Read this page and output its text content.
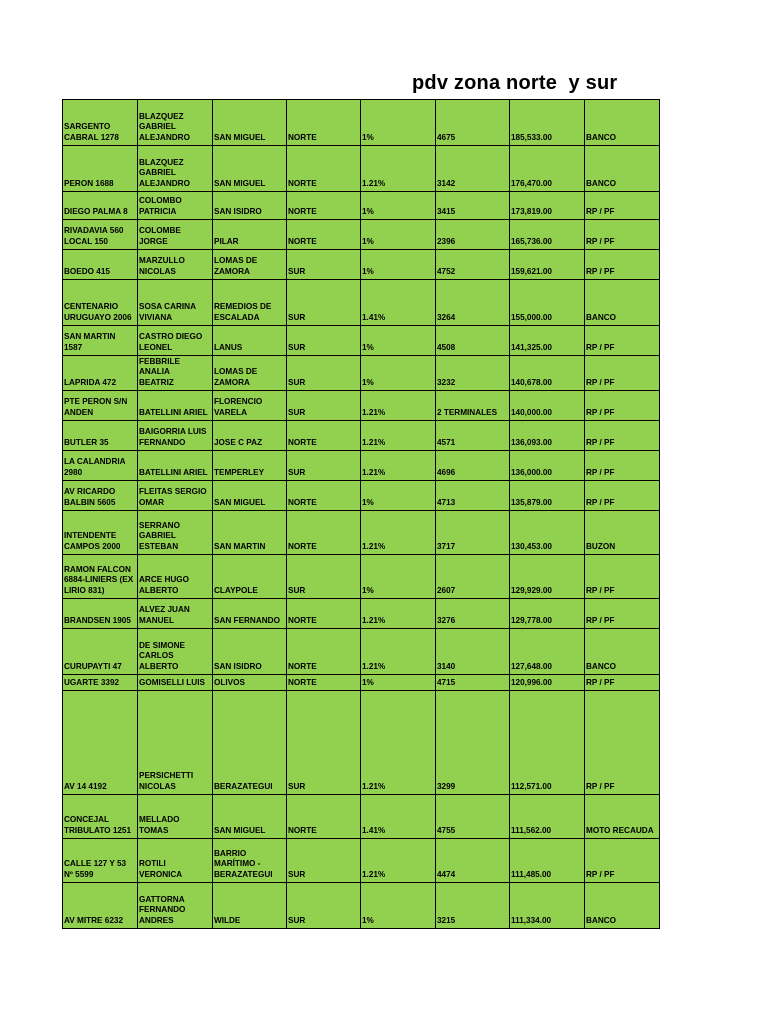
pdv zona norte  y sur
SARGENTO
CABRAL 1278	BLAZQUEZ
GABRIEL
ALEJANDRO	SAN MIGUEL	NORTE	1%	4675	185,533.00	BANCO
PERON 1688	BLAZQUEZ
GABRIEL
ALEJANDRO	SAN MIGUEL	NORTE	1.21%	3142	176,470.00	BANCO
DIEGO PALMA 8	COLOMBO
PATRICIA	SAN ISIDRO	NORTE	1%	3415	173,819.00	RP / PF
RIVADAVIA 560
LOCAL 150	COLOMBE JORGE	PILAR	NORTE	1%	2396	165,736.00	RP / PF
BOEDO 415	MARZULLO
NICOLAS	LOMAS DE
ZAMORA	SUR	1%	4752	159,621.00	RP / PF
CENTENARIO
URUGUAYO 2006	SOSA CARINA
VIVIANA	REMEDIOS DE
ESCALADA	SUR	1.41%	3264	155,000.00	BANCO
SAN MARTIN
1587	CASTRO DIEGO
LEONEL	LANUS	SUR	1%	4508	141,325.00	RP / PF
LAPRIDA 472	FEBBRILE ANALIA
BEATRIZ	LOMAS DE
ZAMORA	SUR	1%	3232	140,678.00	RP / PF
PTE PERON S/N
ANDEN	BATELLINI ARIEL	FLORENCIO
VARELA	SUR	1.21%	2 TERMINALES	140,000.00	RP / PF
BUTLER 35	BAIGORRIA LUIS
FERNANDO	JOSE C PAZ	NORTE	1.21%	4571	136,093.00	RP / PF
LA CALANDRIA
2980	BATELLINI ARIEL	TEMPERLEY	SUR	1.21%	4696	136,000.00	RP / PF
AV RICARDO
BALBIN 5605	FLEITAS SERGIO
OMAR	SAN MIGUEL	NORTE	1%	4713	135,879.00	RP / PF
INTENDENTE
CAMPOS 2000	SERRANO
GABRIEL
ESTEBAN	SAN MARTIN	NORTE	1.21%	3717	130,453.00	BUZON
RAMON FALCON
6884-LINIERS (EX
LIRIO 831)	ARCE HUGO
ALBERTO	CLAYPOLE	SUR	1%	2607	129,929.00	RP / PF
BRANDSEN 1905	ALVEZ JUAN
MANUEL	SAN FERNANDO	NORTE	1.21%	3276	129,778.00	RP / PF
CURUPAYTI 47	DE SIMONE
CARLOS ALBERTO	SAN ISIDRO	NORTE	1.21%	3140	127,648.00	BANCO
UGARTE 3392	GOMISELLI LUIS	OLIVOS	NORTE	1%	4715	120,996.00	RP / PF
AV 14 4192	PERSICHETTI
NICOLAS	BERAZATEGUI	SUR	1.21%	3299	112,571.00	RP / PF
CONCEJAL
TRIBULATO 1251	MELLADO
TOMAS	SAN MIGUEL	NORTE	1.41%	4755	111,562.00	MOTO RECAUDA
CALLE 127 Y 53
Nº 5599	ROTILI VERONICA	BARRIO
MARÍTIMO -
BERAZATEGUI	SUR	1.21%	4474	111,485.00	RP / PF
AV MITRE 6232	GATTORNA
FERNANDO
ANDRES	WILDE	SUR	1%	3215	111,334.00	BANCO
